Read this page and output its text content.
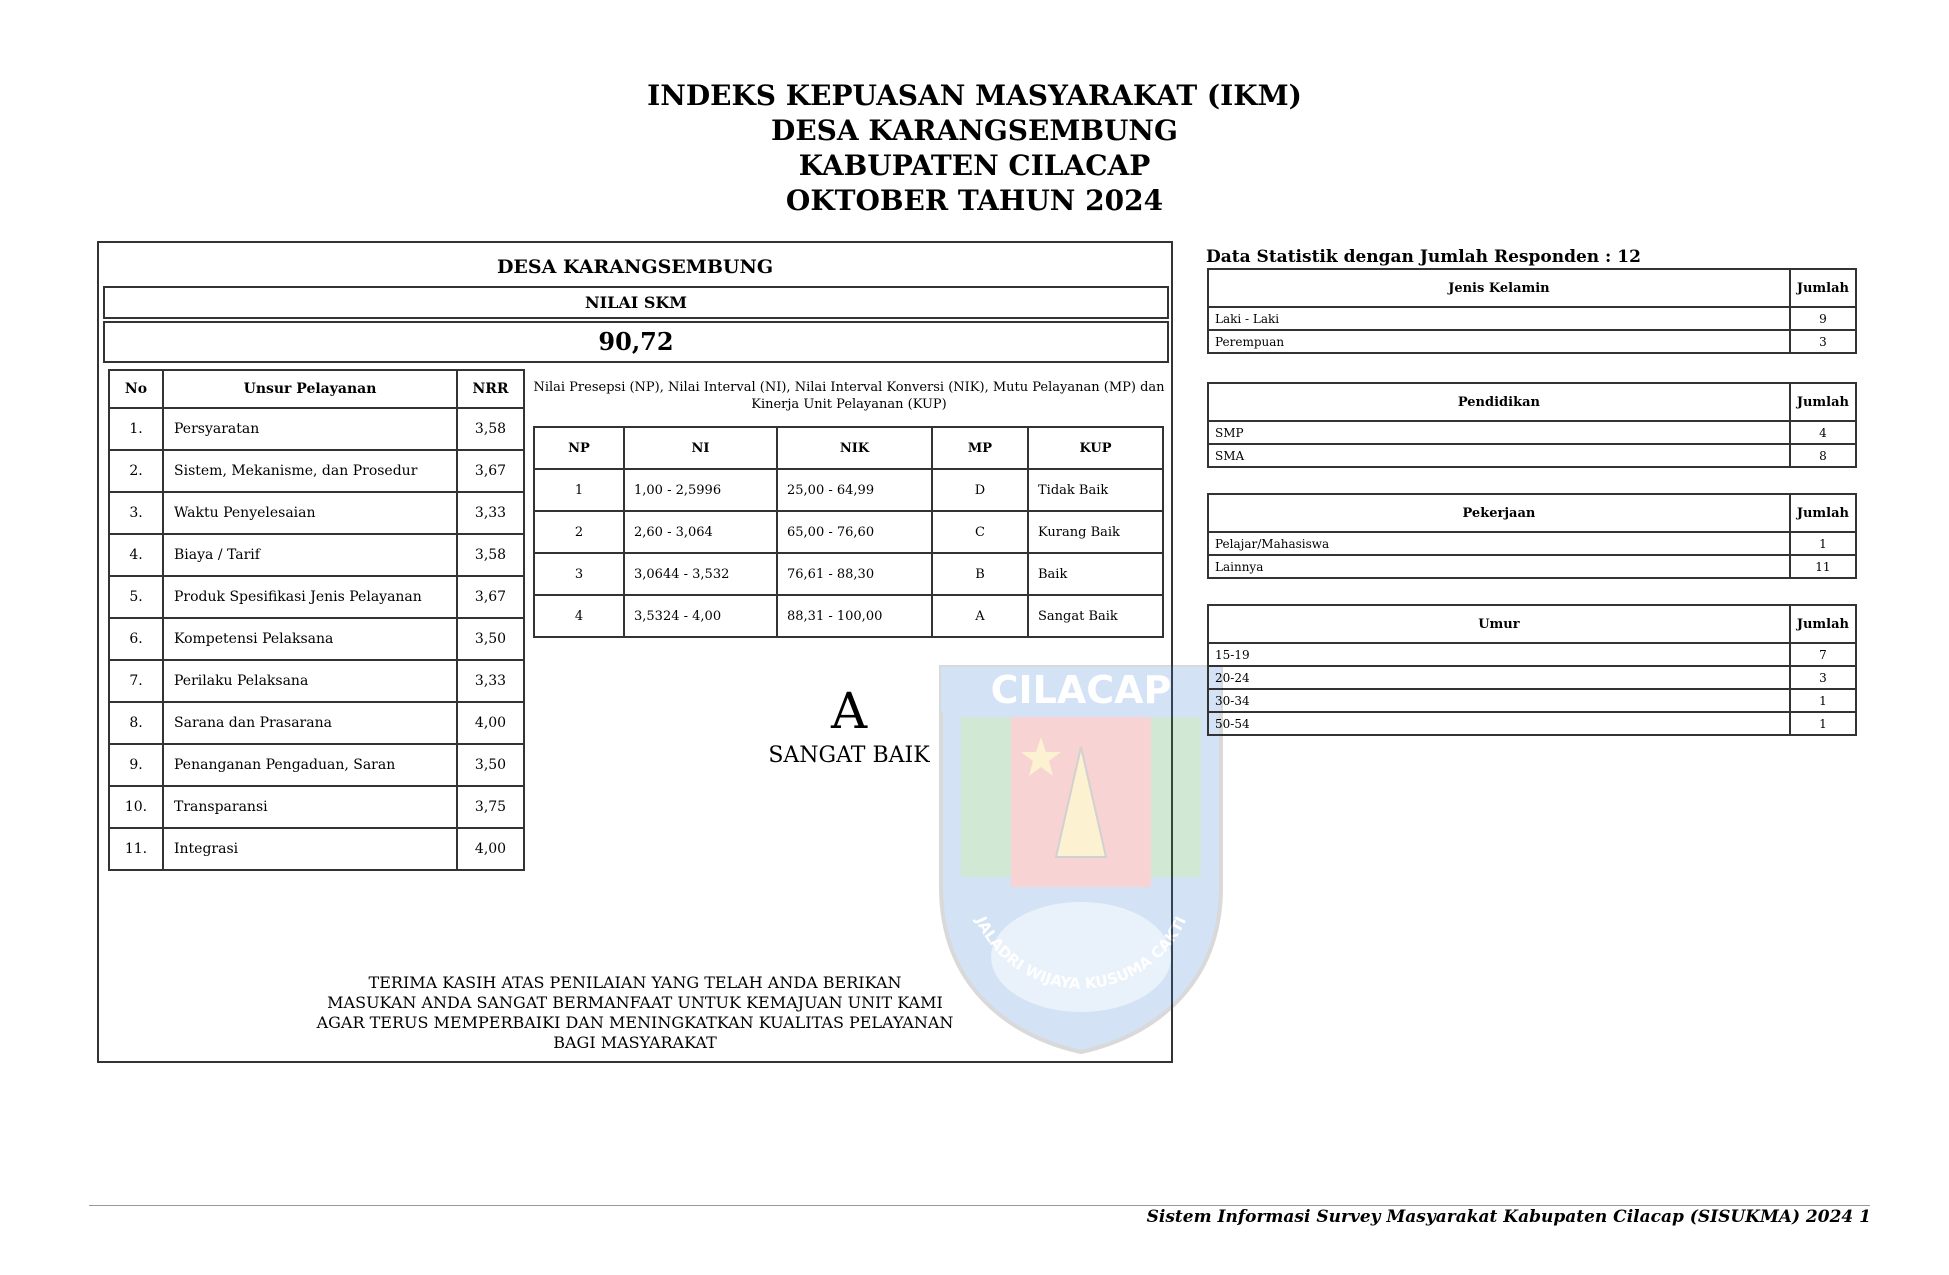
INDEKS KEPUASAN MASYARAKAT (IKM)
DESA KARANGSEMBUNG
KABUPATEN CILACAP
OKTOBER TAHUN 2024
CILACAP
JALADRI WIJAYA KUSUMA CAKTI
DESA KARANGSEMBUNG
NILAI SKM
90,72
No	Unsur Pelayanan	NRR
1.	Persyaratan	3,58
2.	Sistem, Mekanisme, dan Prosedur	3,67
3.	Waktu Penyelesaian	3,33
4.	Biaya / Tarif	3,58
5.	Produk Spesifikasi Jenis Pelayanan	3,67
6.	Kompetensi Pelaksana	3,50
7.	Perilaku Pelaksana	3,33
8.	Sarana dan Prasarana	4,00
9.	Penanganan Pengaduan, Saran	3,50
10.	Transparansi	3,75
11.	Integrasi	4,00
Nilai Presepsi (NP), Nilai Interval (NI), Nilai Interval Konversi (NIK), Mutu Pelayanan (MP) dan Kinerja Unit Pelayanan (KUP)
NP	NI	NIK	MP	KUP
1	1,00 - 2,5996	25,00 - 64,99	D	Tidak Baik
2	2,60 - 3,064	65,00 - 76,60	C	Kurang Baik
3	3,0644 - 3,532	76,61 - 88,30	B	Baik
4	3,5324 - 4,00	88,31 - 100,00	A	Sangat Baik
A
SANGAT BAIK
TERIMA KASIH ATAS PENILAIAN YANG TELAH ANDA BERIKAN
MASUKAN ANDA SANGAT BERMANFAAT UNTUK KEMAJUAN UNIT KAMI
AGAR TERUS MEMPERBAIKI DAN MENINGKATKAN KUALITAS PELAYANAN
BAGI MASYARAKAT
Data Statistik dengan Jumlah Responden : 12
Jenis Kelamin	Jumlah
Laki - Laki	9
Perempuan	3
Pendidikan	Jumlah
SMP	4
SMA	8
Pekerjaan	Jumlah
Pelajar/Mahasiswa	1
Lainnya	11
Umur	Jumlah
15-19	7
20-24	3
30-34	1
50-54	1
Sistem Informasi Survey Masyarakat Kabupaten Cilacap (SISUKMA) 2024 1
